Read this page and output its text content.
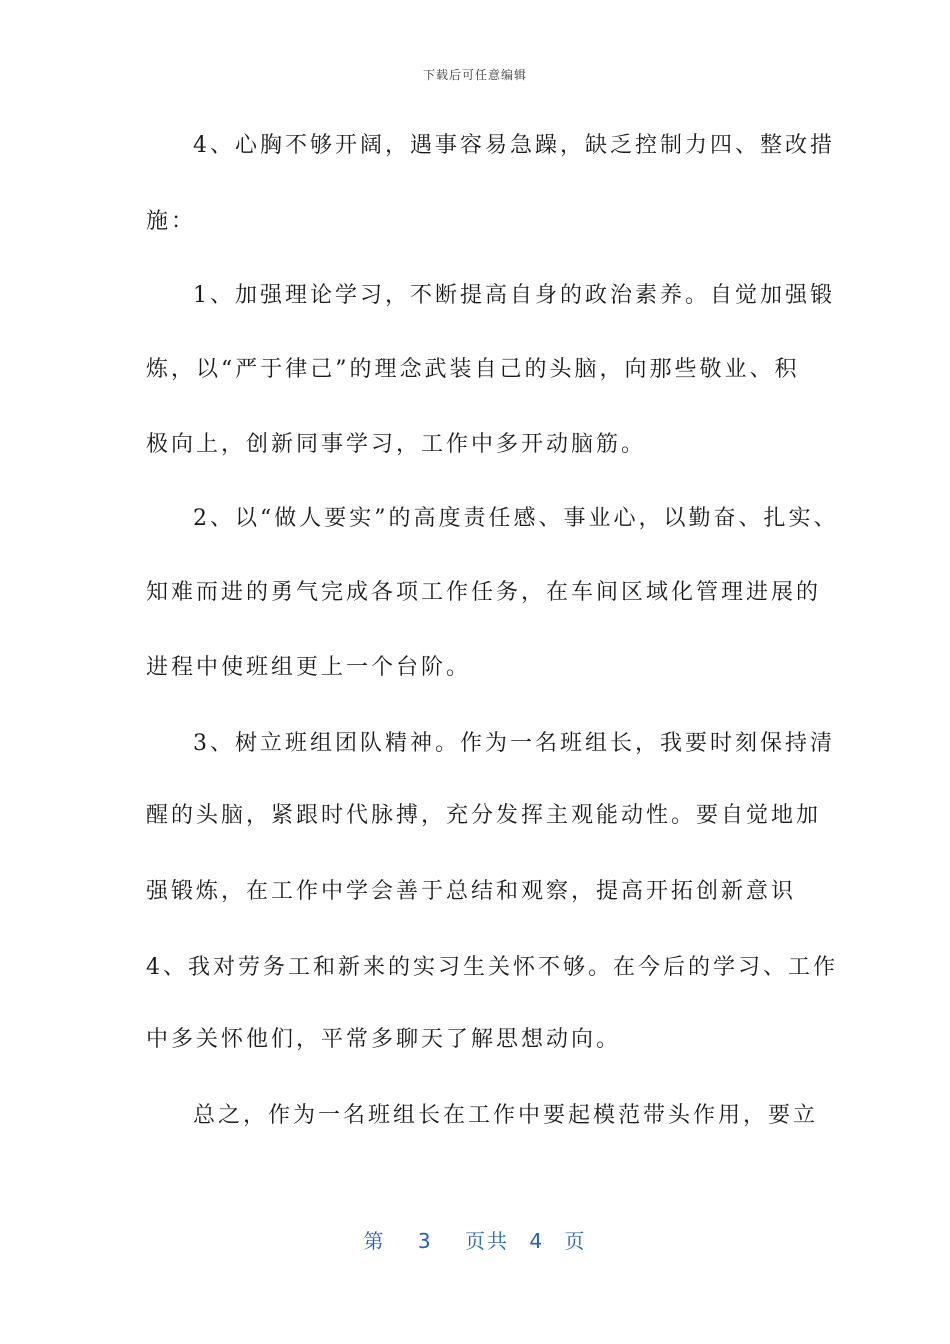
下载后可任意编辑
4、心胸不够开阔，遇事容易急躁，缺乏控制力四、整改措
施：
1、加强理论学习，不断提高自身的政治素养。自觉加强锻
炼，以“严于律己”的理念武装自己的头脑，向那些敬业、积
极向上，创新同事学习，工作中多开动脑筋。
2、以“做人要实”的高度责任感、事业心，以勤奋、扎实、
知难而进的勇气完成各项工作任务，在车间区域化管理进展的
进程中使班组更上一个台阶。
3、树立班组团队精神。作为一名班组长，我要时刻保持清
醒的头脑，紧跟时代脉搏，充分发挥主观能动性。要自觉地加
强锻炼，在工作中学会善于总结和观察，提高开拓创新意识
4、我对劳务工和新来的实习生关怀不够。在今后的学习、工作
中多关怀他们，平常多聊天了解思想动向。
总之，作为一名班组长在工作中要起模范带头作用，要立
第 3 页共 4 页
